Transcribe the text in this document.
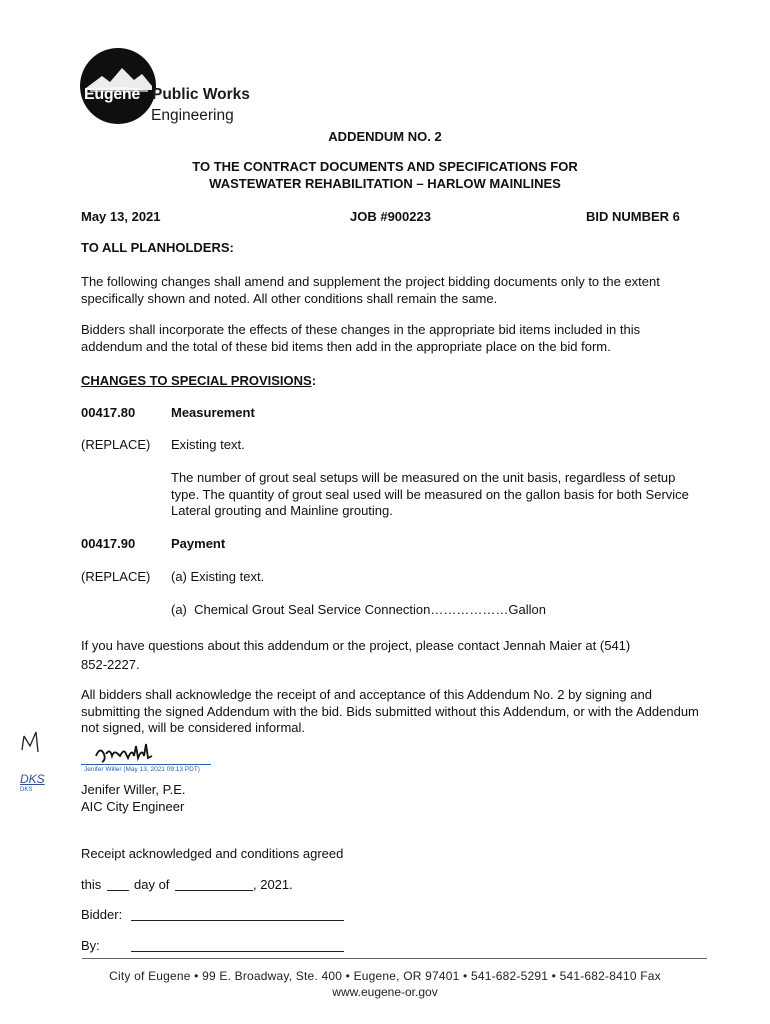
Eugene Public Works
Engineering
ADDENDUM NO. 2
TO THE CONTRACT DOCUMENTS AND SPECIFICATIONS FOR
WASTEWATER REHABILITATION – HARLOW MAINLINES
May 13, 2021	JOB #900223	BID NUMBER 6
TO ALL PLANHOLDERS:
The following changes shall amend and supplement the project bidding documents only to the extent specifically shown and noted. All other conditions shall remain the same.
Bidders shall incorporate the effects of these changes in the appropriate bid items included in this addendum and the total of these bid items then add in the appropriate place on the bid form.
CHANGES TO SPECIAL PROVISIONS:
00417.80	Measurement
(REPLACE) Existing text.
The number of grout seal setups will be measured on the unit basis, regardless of setup type. The quantity of grout seal used will be measured on the gallon basis for both Service Lateral grouting and Mainline grouting.
00417.90	Payment
(REPLACE) (a) Existing text.
(a)  Chemical Grout Seal Service Connection………………Gallon
If you have questions about this addendum or the project, please contact Jennah Maier at (541) 852-2227.
All bidders shall acknowledge the receipt of and acceptance of this Addendum No. 2 by signing and submitting the signed Addendum with the bid. Bids submitted without this Addendum, or with the Addendum not signed, will be considered informal.
DKS
DKS
Jenifer Willer (May 13, 2021 09:13 PDT)
Jenifer Willer, P.E.
AIC City Engineer
Receipt acknowledged and conditions agreed
this	day of	, 2021.
Bidder:
By:
City of Eugene • 99 E. Broadway, Ste. 400 • Eugene, OR 97401 • 541-682-5291 • 541-682-8410 Fax
www.eugene-or.gov
